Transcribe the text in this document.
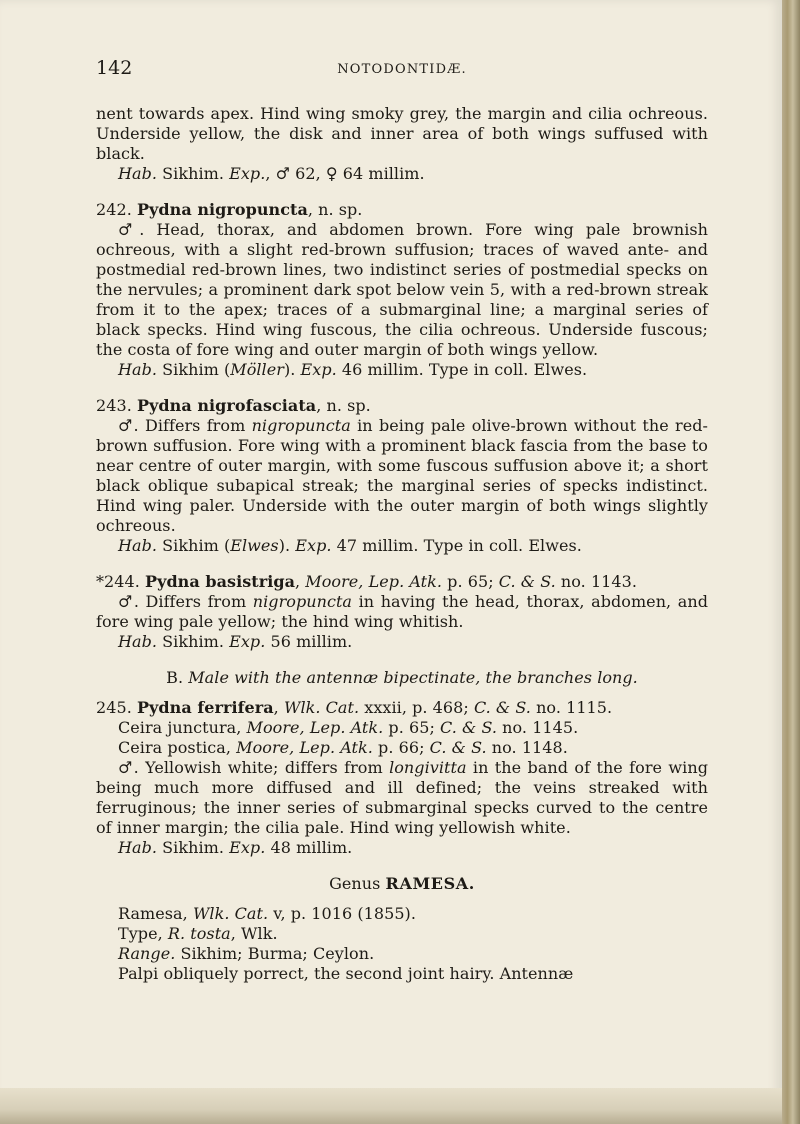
142	NOTODONTIDÆ.

nent towards apex. Hind wing smoky grey, the margin and cilia ochreous. Underside yellow, the disk and inner area of both wings suffused with black.

Hab. Sikhim. Exp., ♂ 62, ♀ 64 millim.

242. Pydna nigropuncta, n. sp.

♂. Head, thorax, and abdomen brown. Fore wing pale brownish ochreous, with a slight red-brown suffusion; traces of waved ante- and postmedial red-brown lines, two indistinct series of postmedial specks on the nervules; a prominent dark spot below vein 5, with a red-brown streak from it to the apex; traces of a submarginal line; a marginal series of black specks. Hind wing fuscous, the cilia ochreous. Underside fuscous; the costa of fore wing and outer margin of both wings yellow.

Hab. Sikhim (Möller). Exp. 46 millim. Type in coll. Elwes.

243. Pydna nigrofasciata, n. sp.

♂. Differs from nigropuncta in being pale olive-brown without the red-brown suffusion. Fore wing with a prominent black fascia from the base to near centre of outer margin, with some fuscous suffusion above it; a short black oblique subapical streak; the marginal series of specks indistinct. Hind wing paler. Underside with the outer margin of both wings slightly ochreous.

Hab. Sikhim (Elwes). Exp. 47 millim. Type in coll. Elwes.

*244. Pydna basistriga, Moore, Lep. Atk. p. 65; C. & S. no. 1143.

♂. Differs from nigropuncta in having the head, thorax, abdomen, and fore wing pale yellow; the hind wing whitish.

Hab. Sikhim. Exp. 56 millim.

B. Male with the antennæ bipectinate, the branches long.

245. Pydna ferrifera, Wlk. Cat. xxxii, p. 468; C. & S. no. 1115.

Ceira junctura, Moore, Lep. Atk. p. 65; C. & S. no. 1145.

Ceira postica, Moore, Lep. Atk. p. 66; C. & S. no. 1148.

♂. Yellowish white; differs from longivitta in the band of the fore wing being much more diffused and ill defined; the veins streaked with ferruginous; the inner series of submarginal specks curved to the centre of inner margin; the cilia pale. Hind wing yellowish white.

Hab. Sikhim. Exp. 48 millim.

Genus RAMESA.

Ramesa, Wlk. Cat. v, p. 1016 (1855).

Type, R. tosta, Wlk.

Range. Sikhim; Burma; Ceylon.

Palpi obliquely porrect, the second joint hairy. Antennæ
